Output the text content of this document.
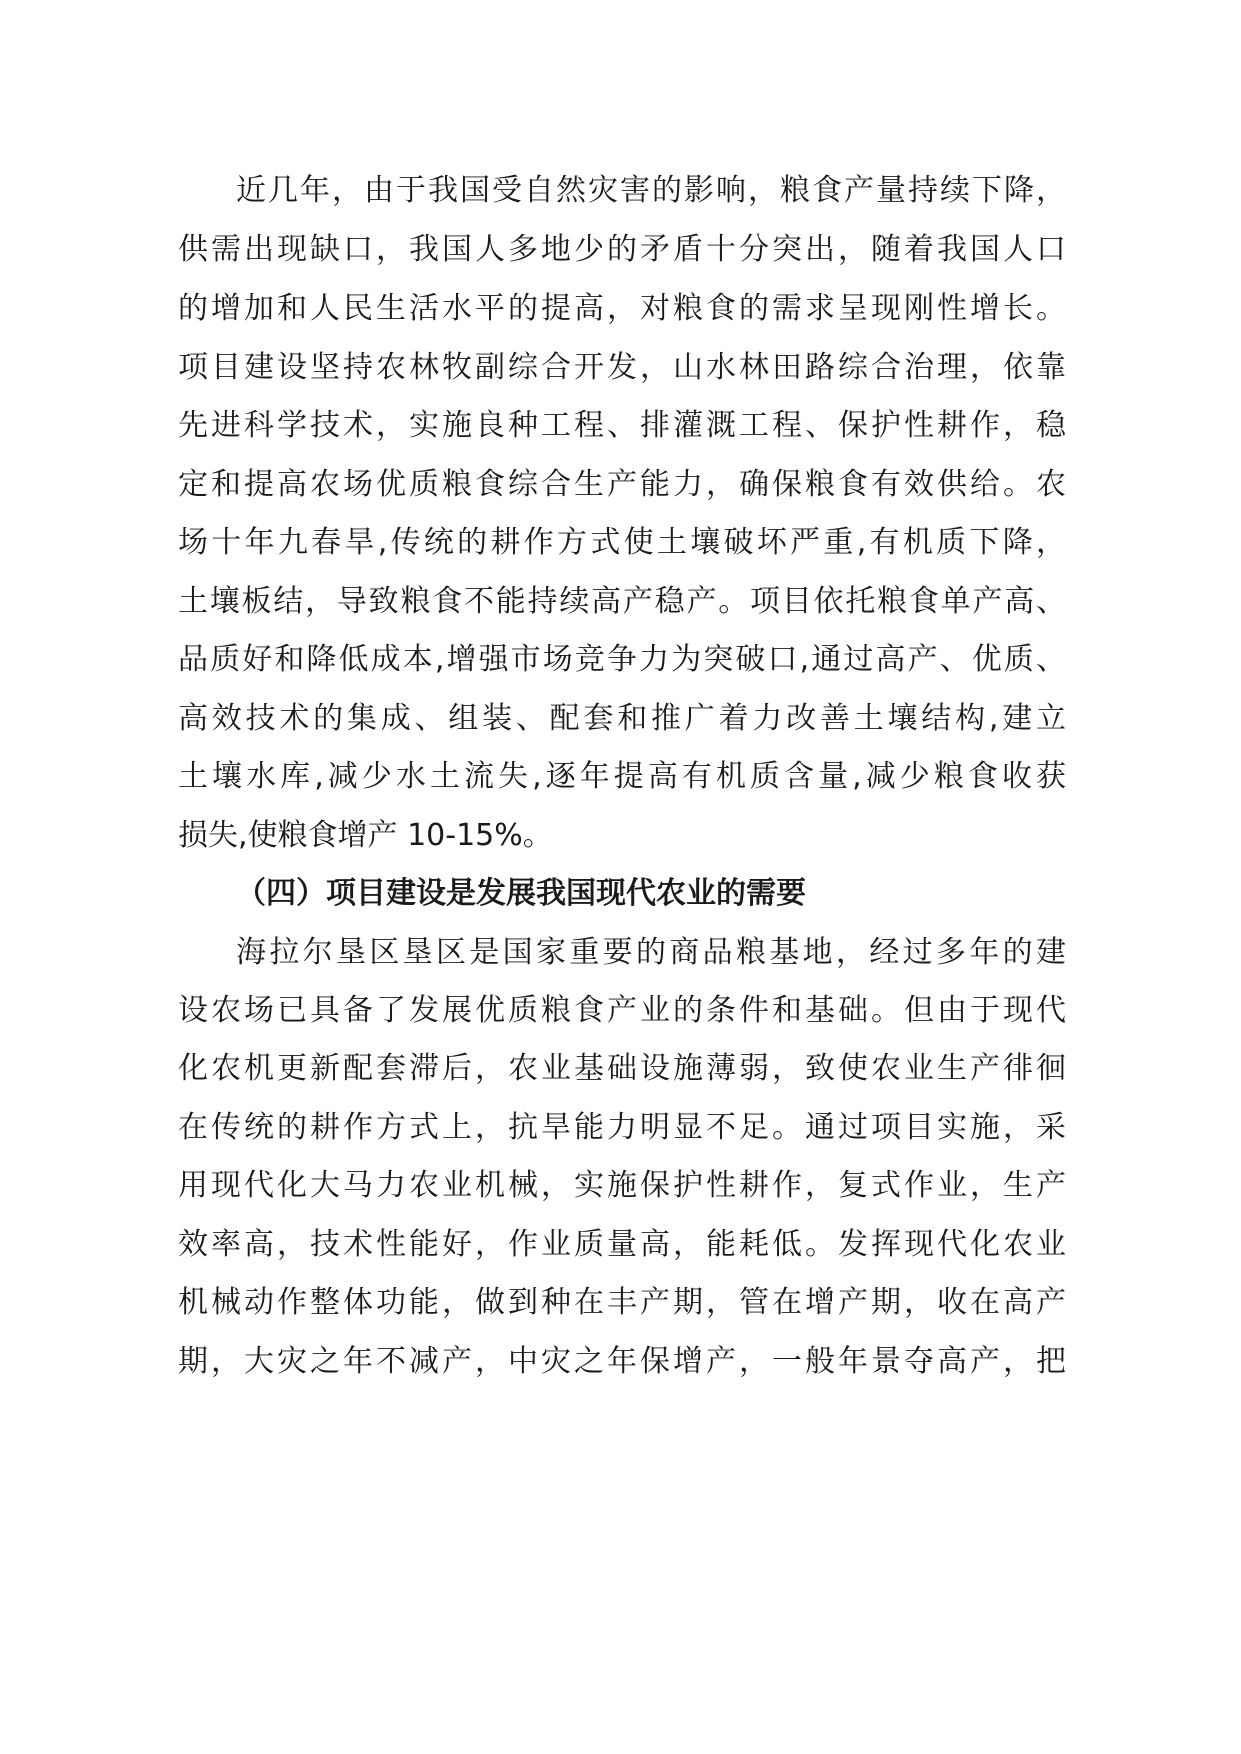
近几年，由于我国受自然灾害的影响，粮食产量持续下降，
供需出现缺口，我国人多地少的矛盾十分突出，随着我国人口
的增加和人民生活水平的提高，对粮食的需求呈现刚性增长。
项目建设坚持农林牧副综合开发，山水林田路综合治理，依靠
先进科学技术，实施良种工程、排灌溉工程、保护性耕作，稳
定和提高农场优质粮食综合生产能力，确保粮食有效供给。农
场十年九春旱,传统的耕作方式使土壤破坏严重,有机质下降，
土壤板结，导致粮食不能持续高产稳产。项目依托粮食单产高、
品质好和降低成本,增强市场竞争力为突破口,通过高产、优质、
高效技术的集成、组装、配套和推广着力改善土壤结构,建立
土壤水库,减少水土流失,逐年提高有机质含量,减少粮食收获
损失,使粮食增产 10-15%。
（四）项目建设是发展我国现代农业的需要
海拉尔垦区垦区是国家重要的商品粮基地，经过多年的建
设农场已具备了发展优质粮食产业的条件和基础。但由于现代
化农机更新配套滞后，农业基础设施薄弱，致使农业生产徘徊
在传统的耕作方式上，抗旱能力明显不足。通过项目实施，采
用现代化大马力农业机械，实施保护性耕作，复式作业，生产
效率高，技术性能好，作业质量高，能耗低。发挥现代化农业
机械动作整体功能，做到种在丰产期，管在增产期，收在高产
期，大灾之年不减产，中灾之年保增产，一般年景夺高产，把
